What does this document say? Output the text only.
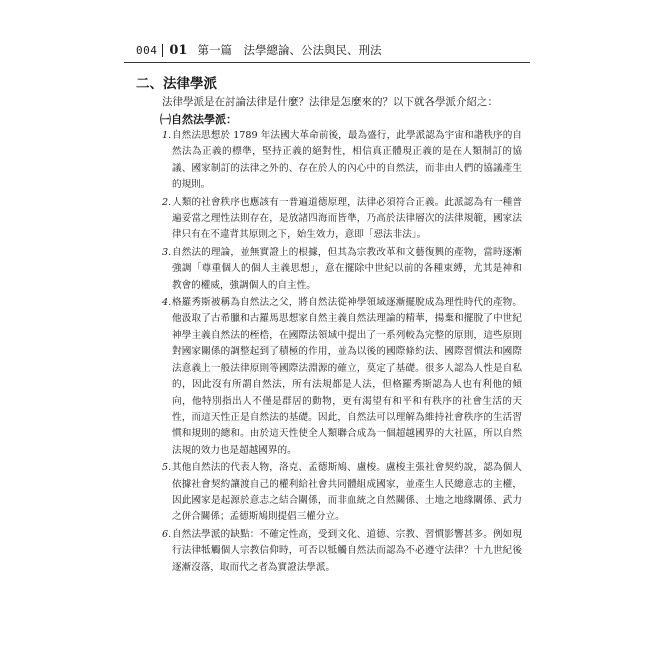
004 01 第一篇　法學總論、公法與民、刑法
二、法律學派
法律學派是在討論法律是什麼？法律是怎麼來的？以下就各學派介紹之：
㈠自然法學派：
1. 自然法思想於 1789 年法國大革命前後，最為盛行，此學派認為宇宙和諧秩序的自然法為正義的標準，堅持正義的絕對性，相信真正體現正義的是在人類制訂的協議、國家制訂的法律之外的、存在於人的內心中的自然法，而非由人們的協議產生的規則。
2. 人類的社會秩序也應該有一普遍道德原理，法律必須符合正義。此派認為有一種普遍妥當之理性法則存在，是放諸四海而皆準，乃高於法律層次的法律規範，國家法律只有在不違背其原則之下，始生效力，意即「惡法非法」。
3. 自然法的理論，並無實證上的根據，但其為宗教改革和文藝復興的產物，當時逐漸強調「尊重個人的個人主義思想」，意在擺除中世紀以前的各種束縛，尤其是神和教會的權威，強調個人的自主性。
4. 格羅秀斯被稱為自然法之父，將自然法從神學領域逐漸擺脫成為理性時代的產物。他汲取了古希臘和古羅馬思想家自然主義自然法理論的精華，揚棄和擺脫了中世紀神學主義自然法的桎梏，在國際法領域中提出了一系列較為完整的原則，這些原則對國家關係的調整起到了積極的作用，並為以後的國際條約法、國際習慣法和國際法意義上一般法律原則等國際法淵源的確立，莫定了基礎。很多人認為人性是自私的，因此沒有所謂自然法，所有法規都是人法，但格羅秀斯認為人也有利他的傾向，他特別指出人不僅是群居的動物，更有渴望有和平和有秩序的社會生活的天性，而這天性正是自然法的基礎。因此，自然法可以理解為維持社會秩序的生活習慣和規則的總和。由於這天性使全人類聯合成為一個超越國界的大社區，所以自然法規的效力也是超越國界的。
5. 其他自然法的代表人物，洛克、孟德斯鳩、盧梭。盧梭主張社會契約說，認為個人依據社會契約讓渡自己的權利給社會共同體組成國家，並產生人民總意志的主權，因此國家是起源於意志之結合關係，而非血統之自然關係、土地之地緣關係、武力之併合關係；孟德斯鳩則提倡三權分立。
6. 自然法學派的缺點：不確定性高，受到文化、道德、宗教、習慣影響甚多。例如現行法律牴觸個人宗教信仰時，可否以牴觸自然法而認為不必遵守法律？十九世紀後逐漸沒落，取而代之者為實證法學派。
